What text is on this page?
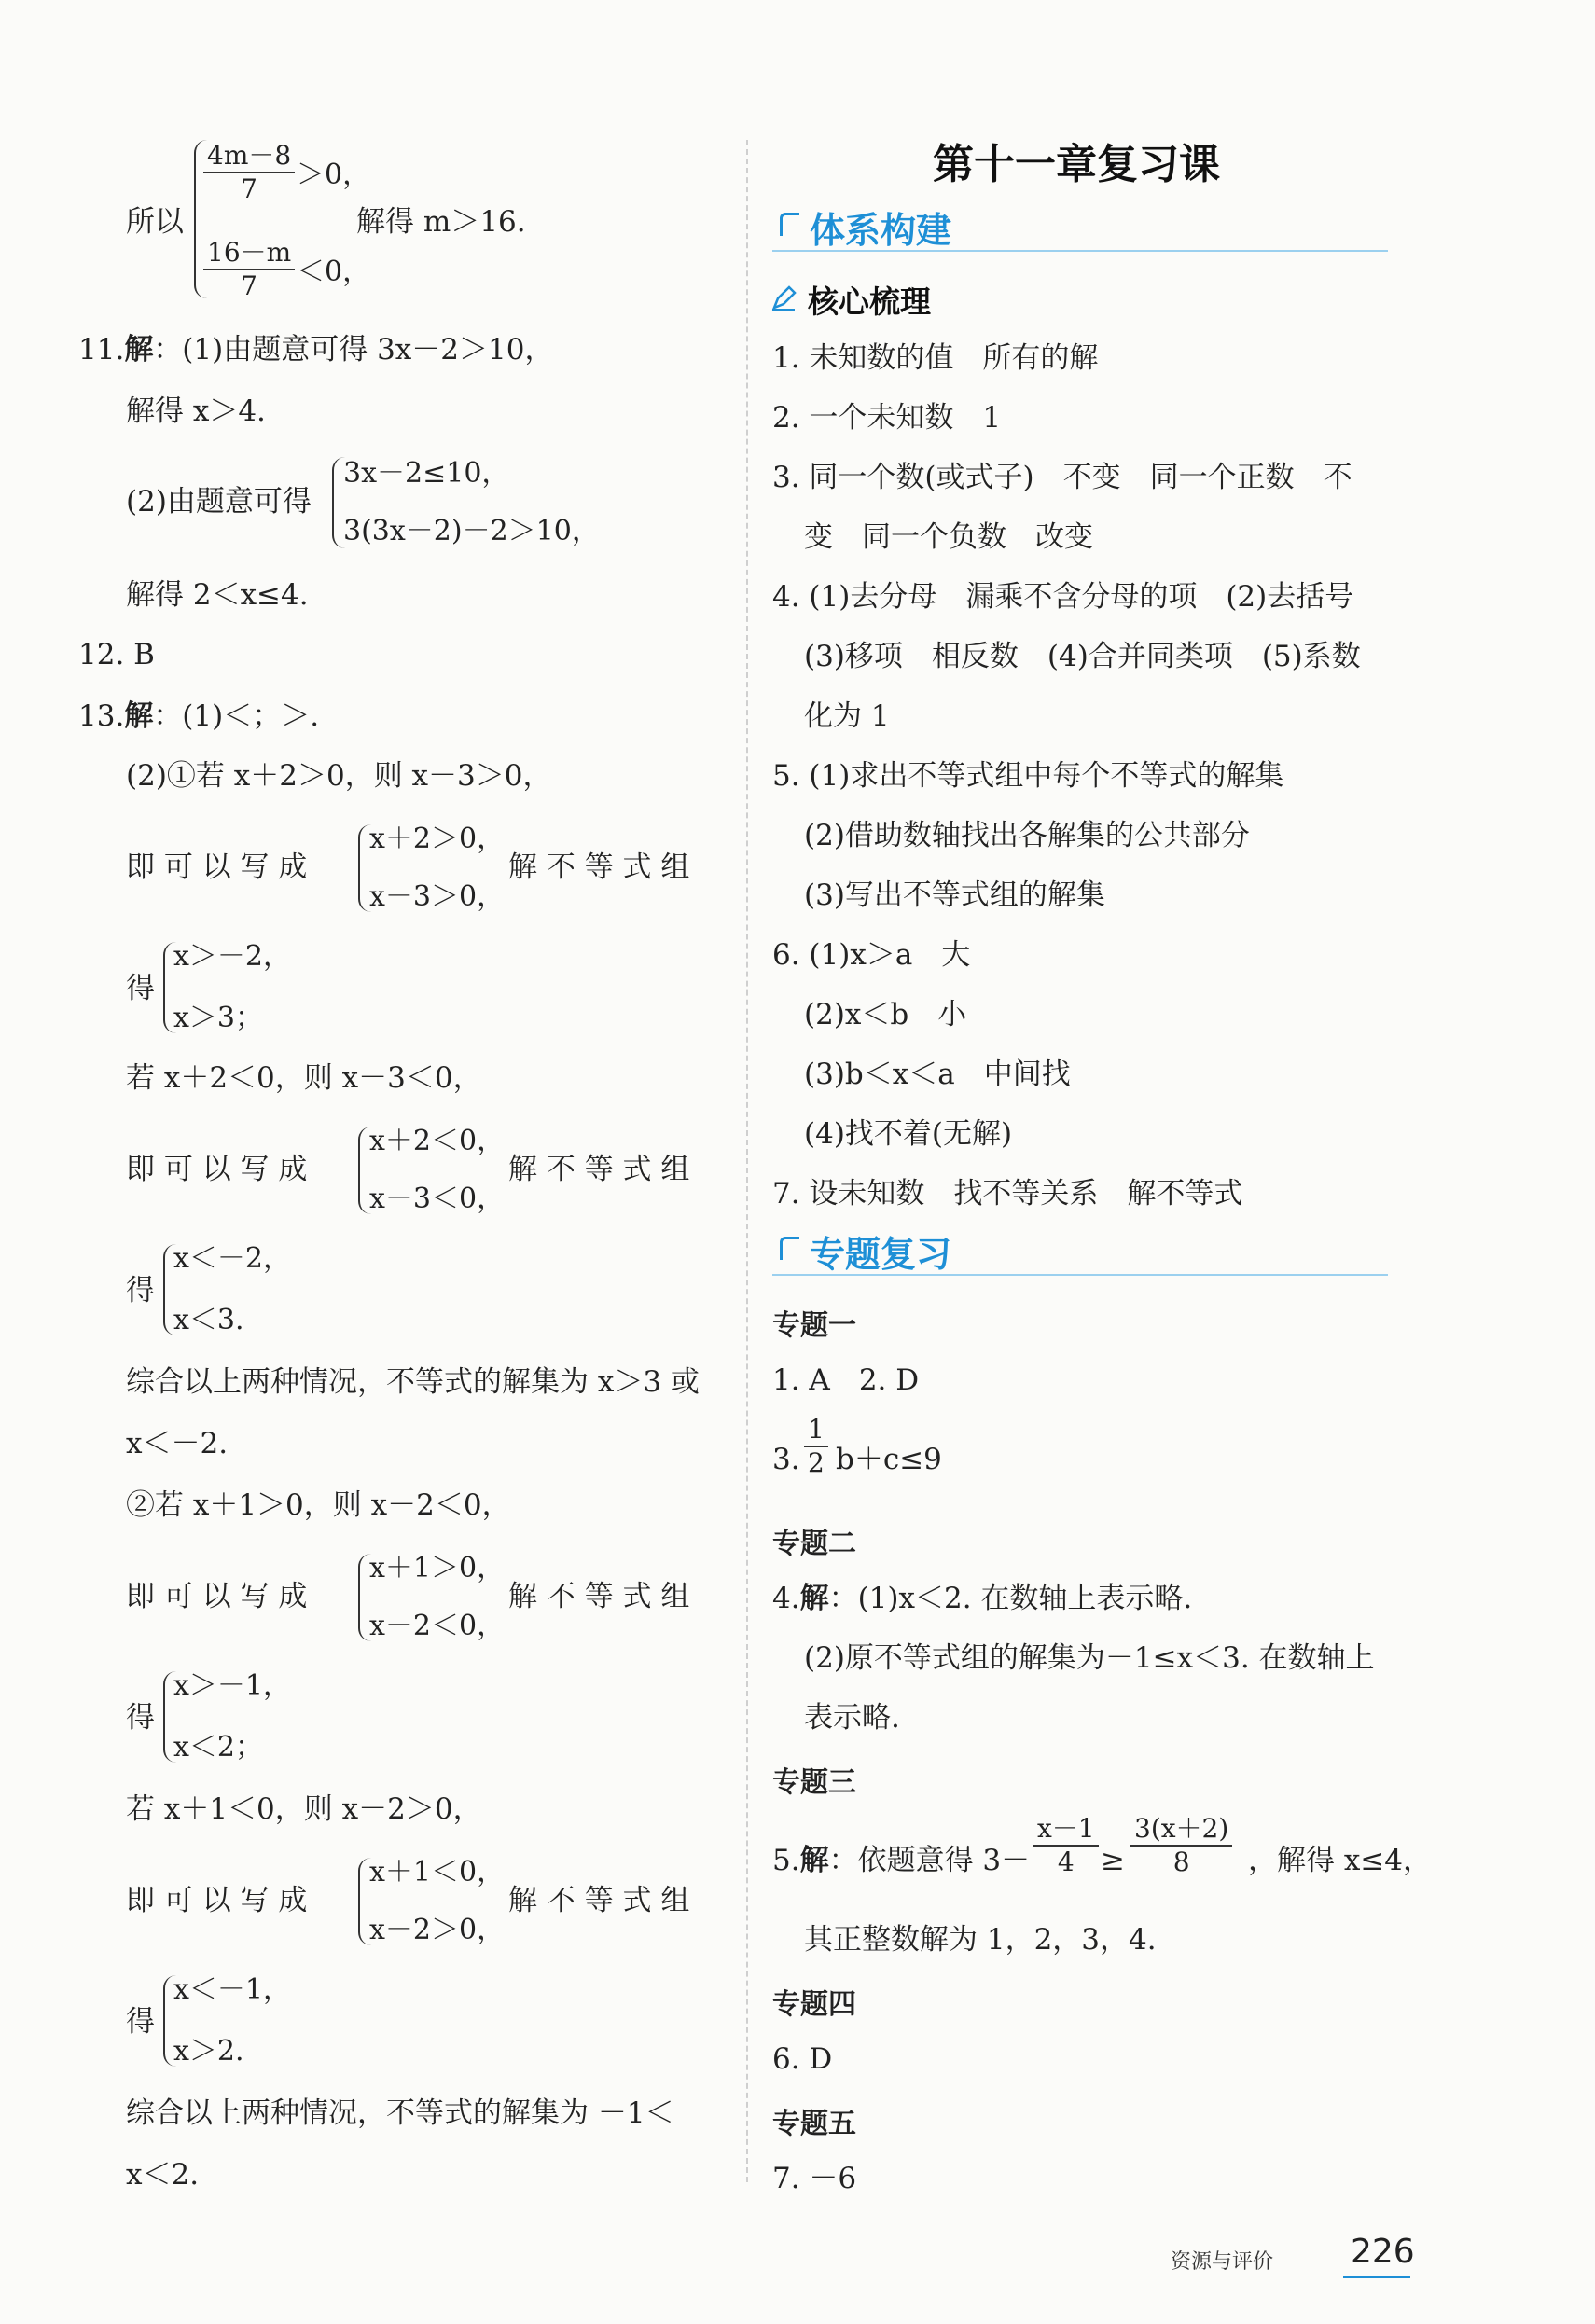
所以
$\frac{4m-8}{7} >0$，
$\frac{16-m}{7} <0$，
解得 m＞16.
11.解：(1)由题意可得 3x－2＞10，
解得 x＞4.
(2)由题意可得
3x－2≤10，
3(3x－2)－2＞10，
解得 2＜x≤4.
12. B
13.解：(1)＜；＞.
(2)①若 x＋2＞0，则 x－3＞0，
即 可 以 写 成
x＋2＞0，
x－3＞0，
解 不 等 式 组
得
x＞－2，
x＞3；
若 x＋2＜0，则 x－3＜0，
即 可 以 写 成
x＋2＜0，
x－3＜0，
解 不 等 式 组
得
x＜－2，
x＜3.
综合以上两种情况，不等式的解集为 x＞3 或
x＜－2.
②若 x＋1＞0，则 x－2＜0，
即 可 以 写 成
x＋1＞0，
x－2＜0，
解 不 等 式 组
得
x＞－1，
x＜2；
若 x＋1＜0，则 x－2＞0，
即 可 以 写 成
x＋1＜0，
x－2＞0，
解 不 等 式 组
得
x＜－1，
x＞2.
综合以上两种情况，不等式的解集为 －1＜
x＜2.
第十一章复习课
体系构建
核心梳理
1. 未知数的值　所有的解
2. 一个未知数　1
3. 同一个数(或式子)　不变　同一个正数　不
变　同一个负数　改变
4. (1)去分母　漏乘不含分母的项　(2)去括号
(3)移项　相反数　(4)合并同类项　(5)系数
化为 1
5. (1)求出不等式组中每个不等式的解集
(2)借助数轴找出各解集的公共部分
(3)写出不等式组的解集
6. (1)x＞a　大
(2)x＜b　小
(3)b＜x＜a　中间找
(4)找不着(无解)
7. 设未知数　找不等关系　解不等式
专题复习
专题一
1. A　2. D
3. $\frac{1}{2} b+c\le 9$
专题二
4.解：(1)x＜2. 在数轴上表示略.
(2)原不等式组的解集为－1≤x＜3. 在数轴上
表示略.
专题三
5.解：依题意得 $3- \frac{x-1}{4} \ge \frac{3(x+2)}{8}$ ，解得 x≤4，
其正整数解为 1，2，3，4.
专题四
6. D
专题五
7. －6
资源与评价 226
